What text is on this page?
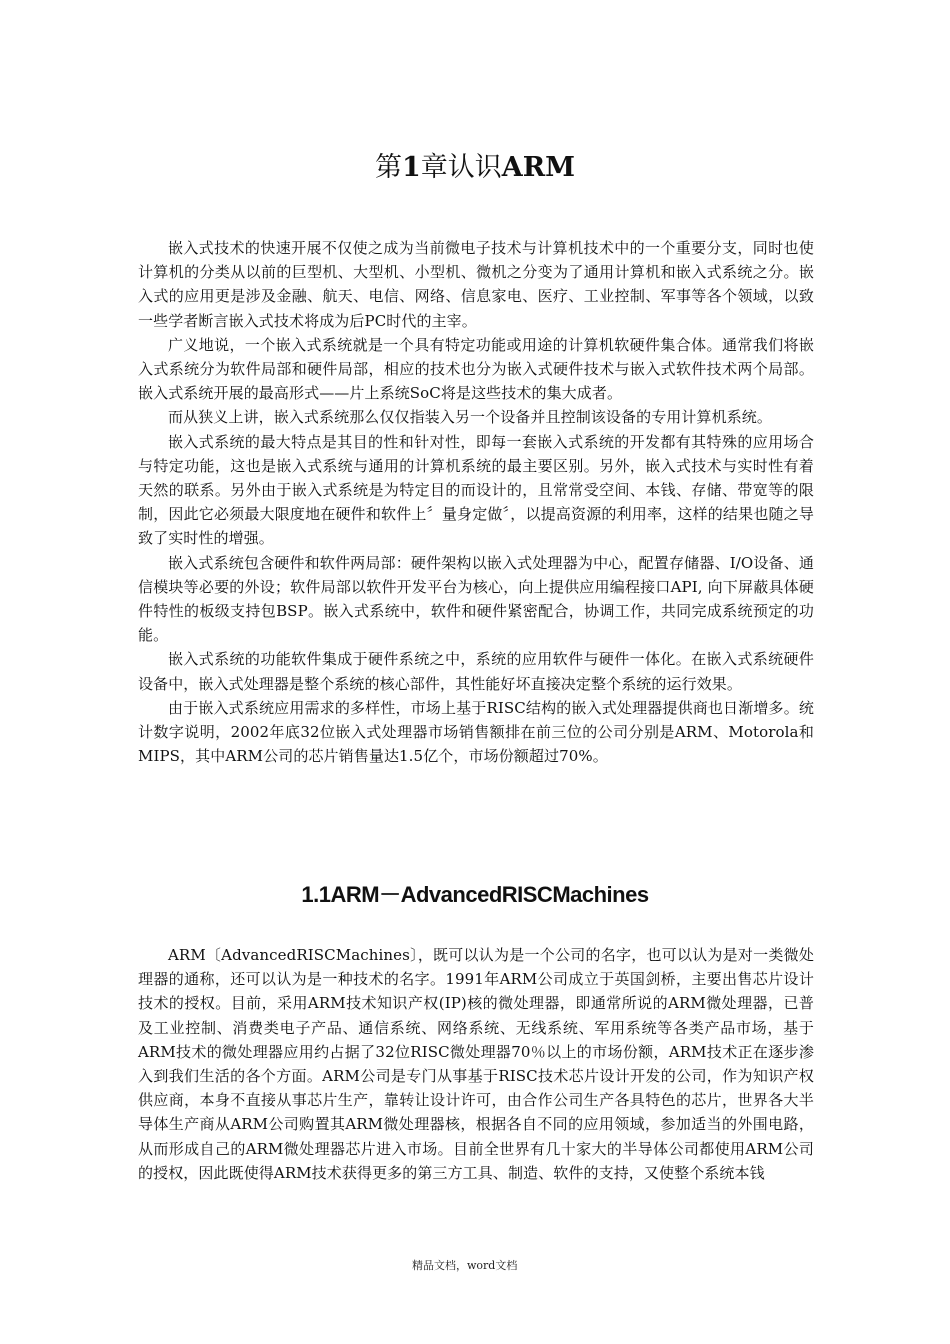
第1章认识ARM

嵌入式技术的快速开展不仅使之成为当前微电子技术与计算机技术中的一个重要分支，同时也使计算机的分类从以前的巨型机、大型机、小型机、微机之分变为了通用计算机和嵌入式系统之分。嵌入式的应用更是涉及金融、航天、电信、网络、信息家电、医疗、工业控制、军事等各个领域，以致一些学者断言嵌入式技术将成为后PC时代的主宰。

广义地说，一个嵌入式系统就是一个具有特定功能或用途的计算机软硬件集合体。通常我们将嵌入式系统分为软件局部和硬件局部，相应的技术也分为嵌入式硬件技术与嵌入式软件技术两个局部。嵌入式系统开展的最高形式——片上系统SoC将是这些技术的集大成者。

而从狭义上讲，嵌入式系统那么仅仅指装入另一个设备并且控制该设备的专用计算机系统。

嵌入式系统的最大特点是其目的性和针对性，即每一套嵌入式系统的开发都有其特殊的应用场合与特定功能，这也是嵌入式系统与通用的计算机系统的最主要区别。另外，嵌入式技术与实时性有着天然的联系。另外由于嵌入式系统是为特定目的而设计的，且常常受空间、本钱、存储、带宽等的限制，因此它必须最大限度地在硬件和软件上〞量身定做〞，以提高资源的利用率，这样的结果也随之导致了实时性的增强。

嵌入式系统包含硬件和软件两局部：硬件架构以嵌入式处理器为中心，配置存储器、I/O设备、通信模块等必要的外设；软件局部以软件开发平台为核心，向上提供应用编程接口API, 向下屏蔽具体硬件特性的板级支持包BSP。嵌入式系统中，软件和硬件紧密配合，协调工作，共同完成系统预定的功能。

嵌入式系统的功能软件集成于硬件系统之中，系统的应用软件与硬件一体化。在嵌入式系统硬件设备中，嵌入式处理器是整个系统的核心部件，其性能好坏直接决定整个系统的运行效果。

由于嵌入式系统应用需求的多样性，市场上基于RISC结构的嵌入式处理器提供商也日渐增多。统计数字说明，2002年底32位嵌入式处理器市场销售额排在前三位的公司分别是ARM、Motorola和MIPS，其中ARM公司的芯片销售量达1.5亿个，市场份额超过70%。

1.1ARM－AdvancedRISCMachines

ARM〔AdvancedRISCMachines〕，既可以认为是一个公司的名字，也可以认为是对一类微处理器的通称，还可以认为是一种技术的名字。1991年ARM公司成立于英国剑桥，主要出售芯片设计技术的授权。目前，采用ARM技术知识产权(IP)核的微处理器，即通常所说的ARM微处理器，已普及工业控制、消费类电子产品、通信系统、网络系统、无线系统、军用系统等各类产品市场，基于ARM技术的微处理器应用约占据了32位RISC微处理器70％以上的市场份额，ARM技术正在逐步渗入到我们生活的各个方面。ARM公司是专门从事基于RISC技术芯片设计开发的公司，作为知识产权供应商，本身不直接从事芯片生产，靠转让设计许可，由合作公司生产各具特色的芯片，世界各大半导体生产商从ARM公司购置其ARM微处理器核，根据各自不同的应用领域，参加适当的外围电路，从而形成自己的ARM微处理器芯片进入市场。目前全世界有几十家大的半导体公司都使用ARM公司的授权，因此既使得ARM技术获得更多的第三方工具、制造、软件的支持，又使整个系统本钱

精品文档，word文档
